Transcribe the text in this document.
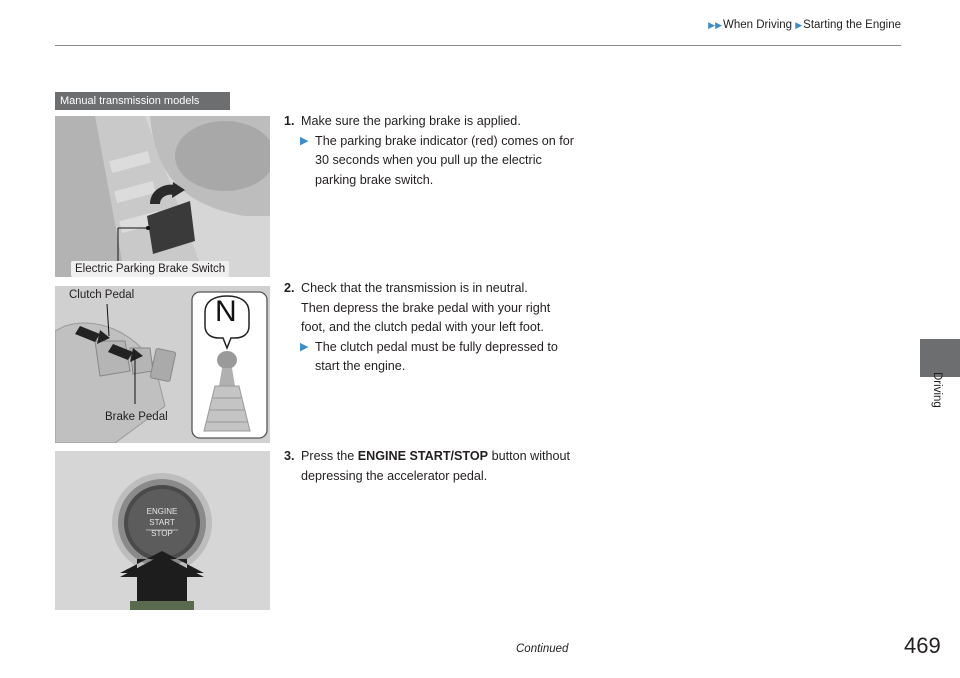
▶▶When Driving ▶Starting the Engine
Driving
Manual transmission models
Electric Parking Brake Switch
Clutch Pedal
Brake Pedal
N
ENGINE
START
STOP
1. Make sure the parking brake is applied.
▶ The parking brake indicator (red) comes on for 30 seconds when you pull up the electric parking brake switch.
2. Check that the transmission is in neutral.
Then depress the brake pedal with your right foot, and the clutch pedal with your left foot.
▶ The clutch pedal must be fully depressed to start the engine.
3. Press the ENGINE START/STOP button without depressing the accelerator pedal.
Continued	469
